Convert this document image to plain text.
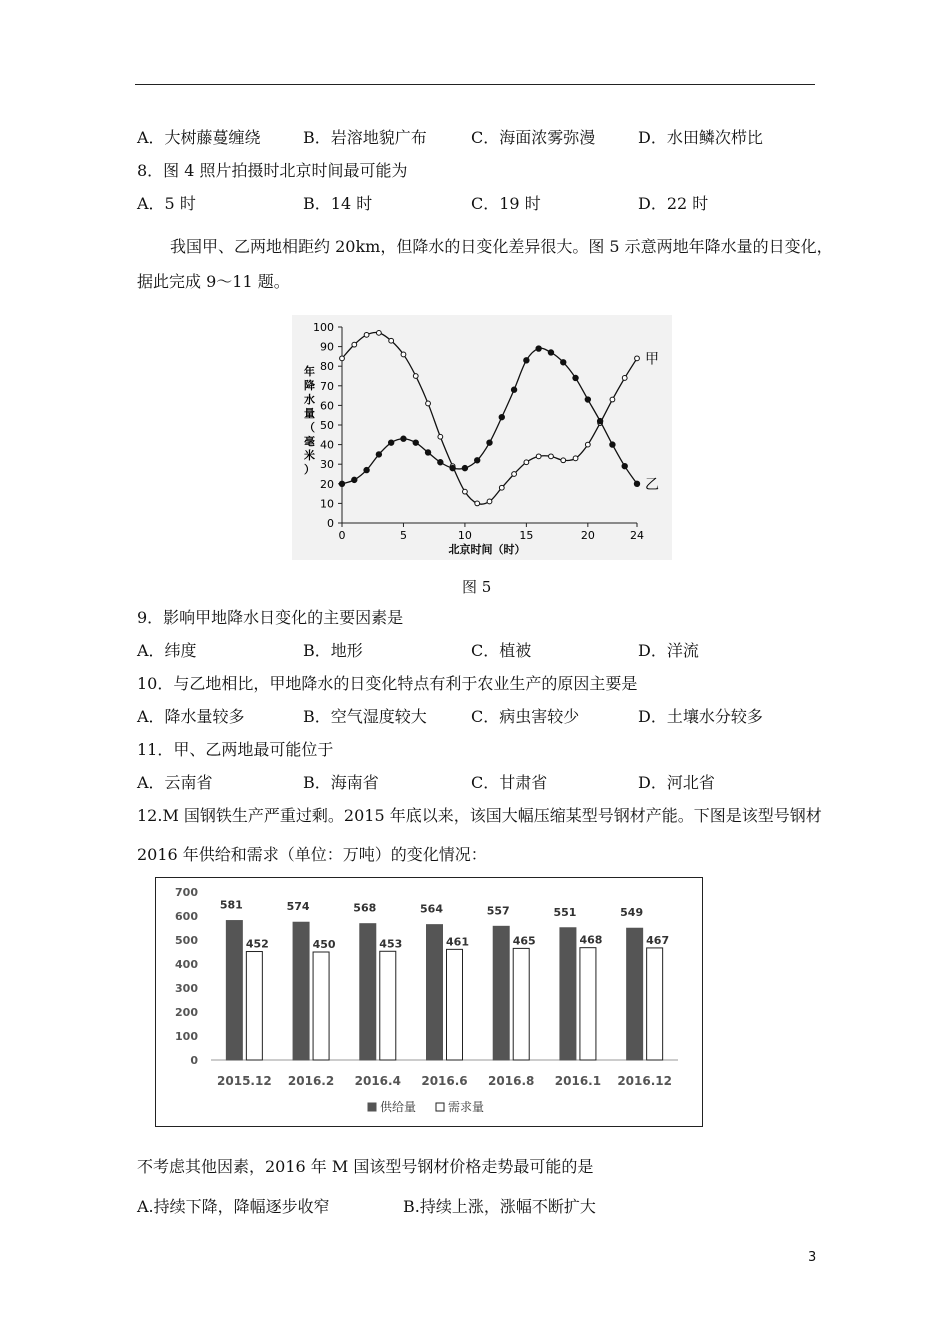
A．大树藤蔓缠绕	B．岩溶地貌广布	C．海面浓雾弥漫	D．水田鳞次栉比
8．图 4 照片拍摄时北京时间最可能为
A．5 时	B．14 时	C．19 时	D．22 时
我国甲、乙两地相距约 20km，但降水的日变化差异很大。图 5 示意两地年降水量的日变化，
据此完成 9～11 题。
年降水量（毫米）
北京时间（时）
0
10
20
30
40
50
60
70
80
90
100
0	5	10	15	20	24
甲
乙
图 5
9．影响甲地降水日变化的主要因素是
A．纬度	B．地形	C．植被	D．洋流
10．与乙地相比，甲地降水的日变化特点有利于农业生产的原因主要是
A．降水量较多	B．空气湿度较大	C．病虫害较少	D．土壤水分较多
11．甲、乙两地最可能位于
A．云南省	B．海南省	C．甘肃省	D．河北省
12.M 国钢铁生产严重过剩。2015 年底以来，该国大幅压缩某型号钢材产能。下图是该型号钢材
2016 年供给和需求（单位：万吨）的变化情况：
0
100
200
300
400
500
600
700
2015.12 2016.2 2016.4 2016.6 2016.8 2016.1 2016.12
581
452
574
450
568
453
564
461
557
465
551
468
549
467
供给量	需求量
不考虑其他因素，2016 年 M 国该型号钢材价格走势最可能的是
A.持续下降，降幅逐步收窄	B.持续上涨，涨幅不断扩大
3
